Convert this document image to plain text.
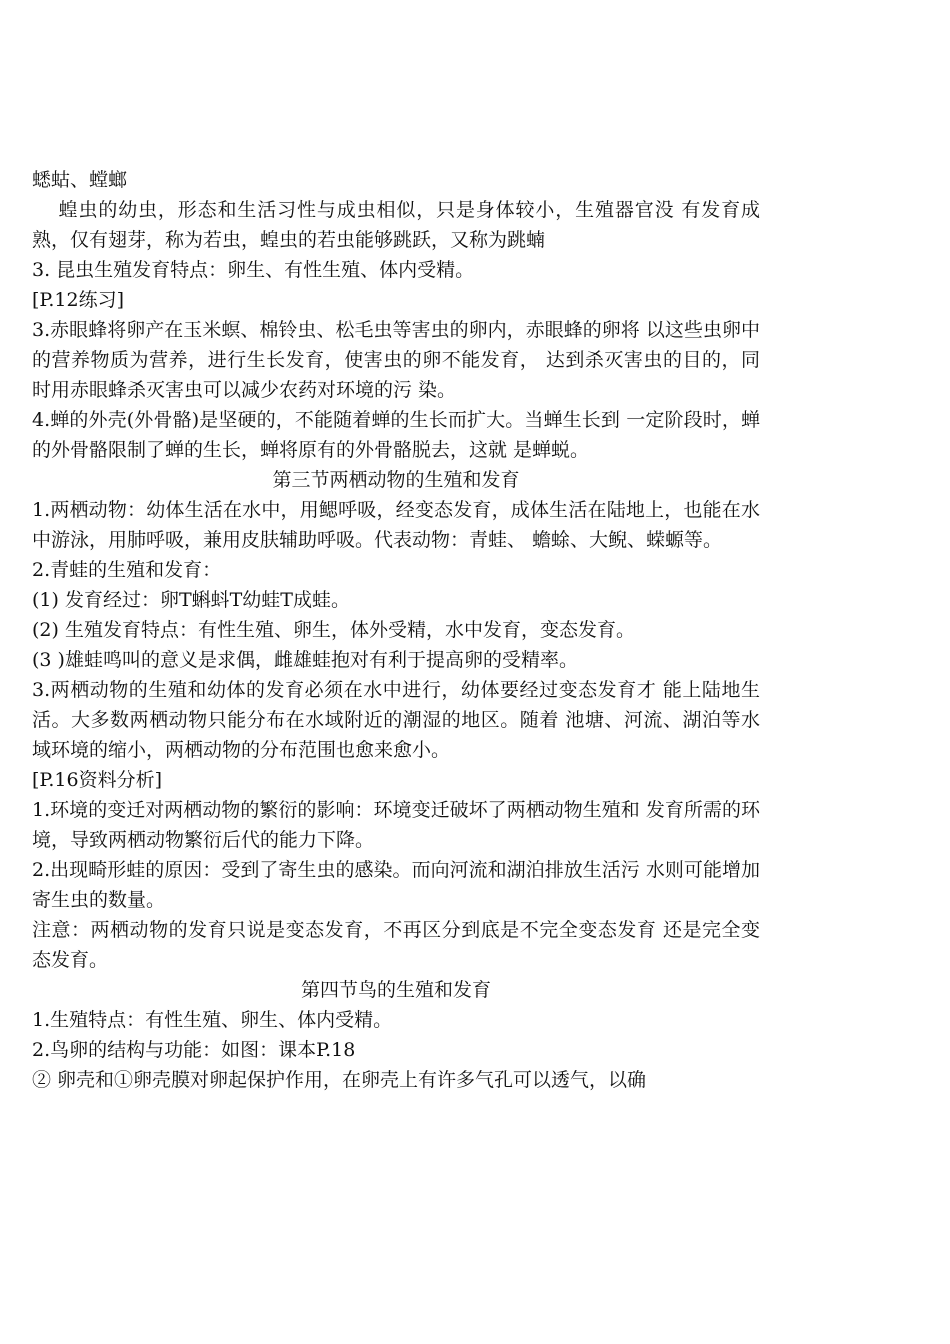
蟋蛄、螳螂

蝗虫的幼虫，形态和生活习性与成虫相似，只是身体较小，生殖器官没 有发育成熟，仅有翅芽，称为若虫，蝗虫的若虫能够跳跃，又称为跳蝻

3. 昆虫生殖发育特点：卵生、有性生殖、体内受精。

[P.12练习]

3.赤眼蜂将卵产在玉米螟、棉铃虫、松毛虫等害虫的卵内，赤眼蜂的卵将 以这些虫卵中的营养物质为营养，进行生长发育，使害虫的卵不能发育， 达到杀灭害虫的目的，同时用赤眼蜂杀灭害虫可以减少农药对环境的污 染。

4.蝉的外壳(外骨骼)是坚硬的，不能随着蝉的生长而扩大。当蝉生长到 一定阶段时，蝉的外骨骼限制了蝉的生长，蝉将原有的外骨骼脱去，这就 是蝉蜕。

第三节两栖动物的生殖和发育

1.两栖动物：幼体生活在水中，用鳃呼吸，经变态发育，成体生活在陆地上，也能在水中游泳，用肺呼吸，兼用皮肤辅助呼吸。代表动物：青蛙、 蟾蜍、大鲵、蝾螈等。

2.青蛙的生殖和发育：

(1) 发育经过：卵T蝌蚪T幼蛙T成蛙。

(2) 生殖发育特点：有性生殖、卵生，体外受精，水中发育，变态发育。

(3 )雄蛙鸣叫的意义是求偶，雌雄蛙抱对有利于提高卵的受精率。

3.两栖动物的生殖和幼体的发育必须在水中进行，幼体要经过变态发育才 能上陆地生活。大多数两栖动物只能分布在水域附近的潮湿的地区。随着 池塘、河流、湖泊等水域环境的缩小，两栖动物的分布范围也愈来愈小。

[P.16资料分析]

1.环境的变迁对两栖动物的繁衍的影响：环境变迁破坏了两栖动物生殖和 发育所需的环境，导致两栖动物繁衍后代的能力下降。

2.出现畸形蛙的原因：受到了寄生虫的感染。而向河流和湖泊排放生活污 水则可能增加寄生虫的数量。

注意：两栖动物的发育只说是变态发育，不再区分到底是不完全变态发育 还是完全变态发育。

第四节鸟的生殖和发育

1.生殖特点：有性生殖、卵生、体内受精。

2.鸟卵的结构与功能：如图：课本P.18

② 卵壳和①卵壳膜对卵起保护作用，在卵壳上有许多气孔可以透气，以确
